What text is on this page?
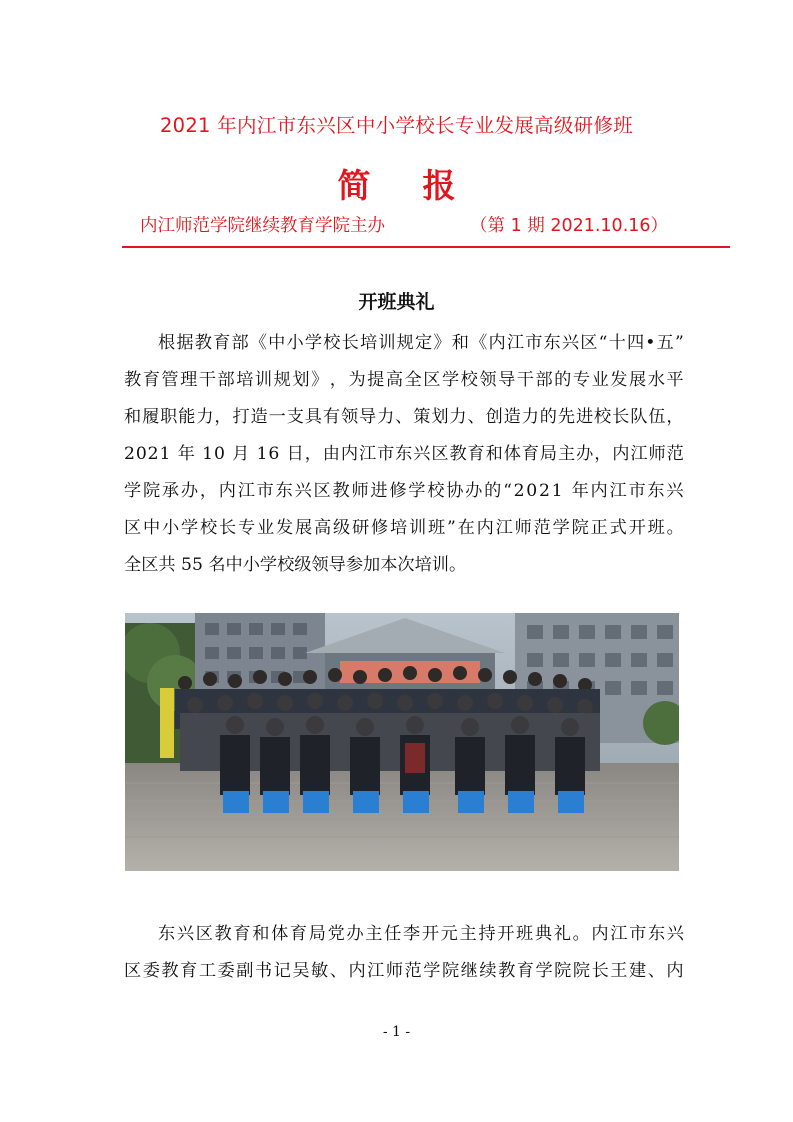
2021 年内江市东兴区中小学校长专业发展高级研修班
简报
内江师范学院继续教育学院主办	（第 1 期 2021.10.16）
开班典礼
根 据 教 育 部 《 中 小 学 校 长 培 训 规 定 》 和 《 内 江 市 东 兴 区 “ 十 四 • 五 ”
教 育 管 理 干 部 培 训 规 划 》 ， 为 提 高 全 区 学 校 领 导 干 部 的 专 业 发 展 水 平
和 履 职 能 力 ， 打 造 一 支 具 有 领 导 力 、 策 划 力 、 创 造 力 的 先 进 校 长 队 伍 ，
2 0 2 1
年
1 0
月
1 6
日 ， 由 内 江 市 东 兴 区 教 育 和 体 育 局 主 办 ， 内 江 师 范
学 院 承 办 ， 内 江 市 东 兴 区 教 师 进 修 学 校 协 办 的 “ 2 0 2 1
年 内 江 市 东 兴
区 中 小 学 校 长 专 业 发 展 高 级 研 修 培 训 班 ” 在 内 江 师 范 学 院 正 式 开 班 。
全区共 55 名中小学校级领导参加本次培训。
东 兴 区 教 育 和 体 育 局 党 办 主 任 李 开 元 主 持 开 班 典 礼 。 内 江 市 东 兴
区 委 教 育 工 委 副 书 记 吴 敏 、 内 江 师 范 学 院 继 续 教 育 学 院 院 长 王 建 、 内
- 1 -
